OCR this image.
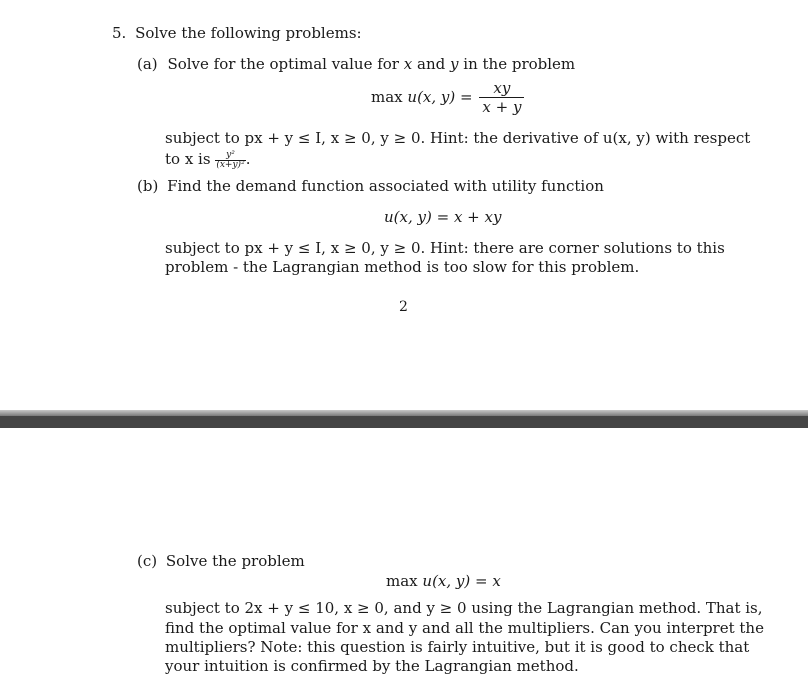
5. Solve the following problems:
(a) Solve for the optimal value for x and y in the problem
max u(x, $y) = \frac{xy}{x + y}$
subject to px + y ≤ I, x ≥ 0, y ≥ 0. Hint: the derivative of u(x, y) with respect
to x is $\frac{\text{y²}}{\text{(x+y)²}}$ .
(b) Find the demand function associated with utility function
u(x, y) = x + xy
subject to px + y ≤ I, x ≥ 0, y ≥ 0. Hint: there are corner solutions to this
problem - the Lagrangian method is too slow for this problem.
2
(c) Solve the problem
max u(x, y) = x
subject to 2x + y ≤ 10, x ≥ 0, and y ≥ 0 using the Lagrangian method. That is,
find the optimal value for x and y and all the multipliers. Can you interpret the
multipliers? Note: this question is fairly intuitive, but it is good to check that
your intuition is confirmed by the Lagrangian method.
